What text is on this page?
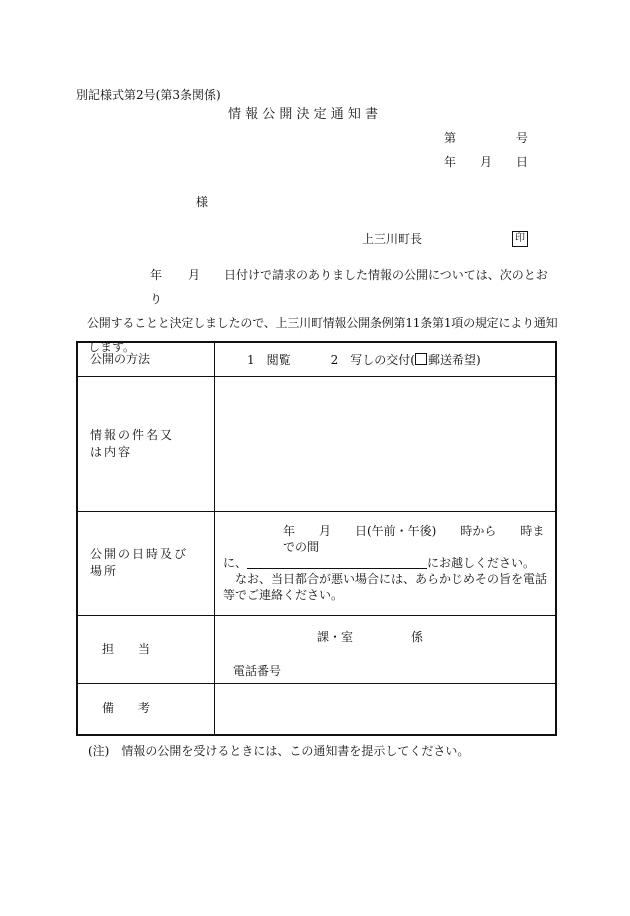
別記様式第2号(第3条関係)
情 報 公 開 決 定 通 知 書
第	号
年 月 日
様
上三川町長	印
年 月 日付けで請求のありました情報の公開については、次のとおり
公開することと決定しましたので、上三川町情報公開条例第11条第1項の規定により通知
します。
公開の方法	1　閲覧 2　写しの交付( 郵送希望)

情報の件名又は内容	

公開の日時及び場所	年　　月　　日(午前・午後)　　時から　　時までの間
に、 にお越しください。
なお、当日都合が悪い場合には、あらかじめその旨を電話等でご連絡ください。

担　　当	課・室 係
電話番号

備　　考	
(注)　情報の公開を受けるときには、この通知書を提示してください。
